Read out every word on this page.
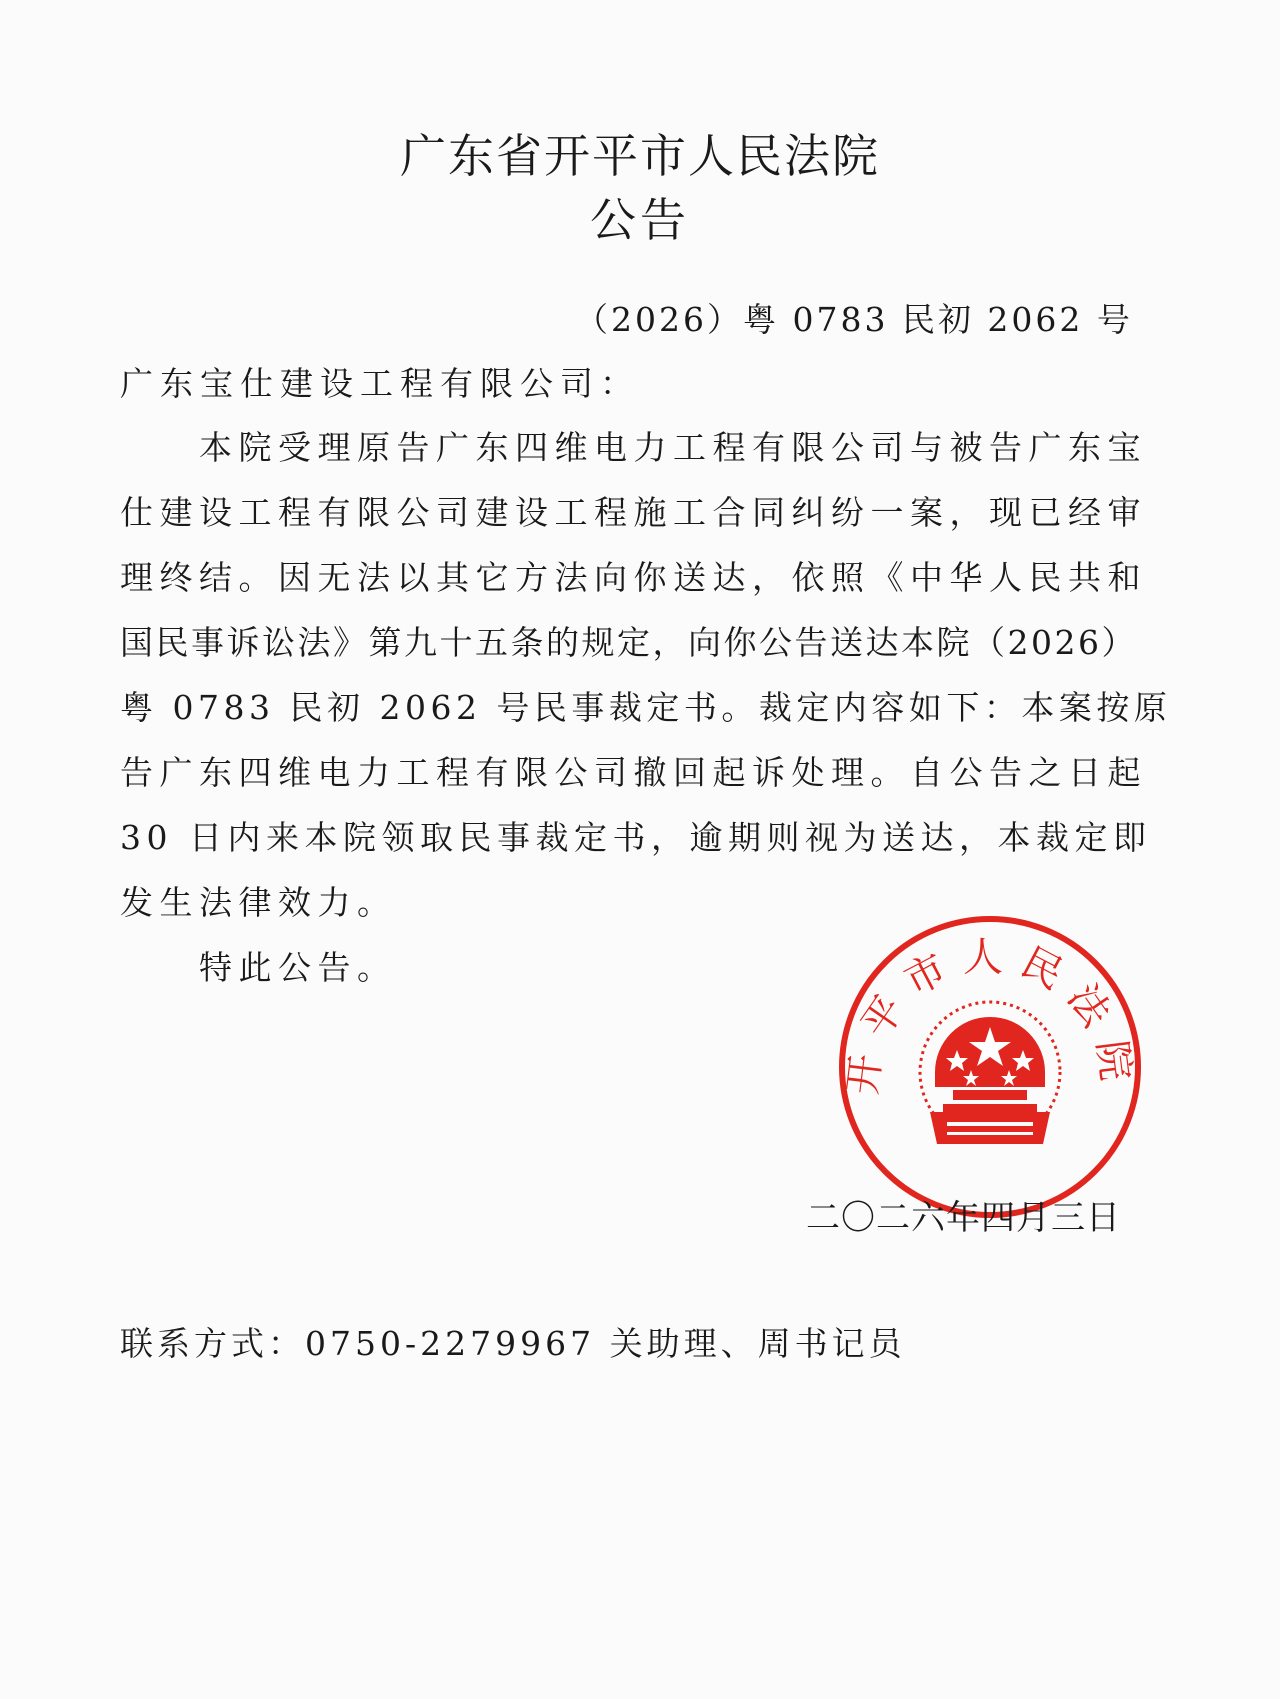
广东省开平市人民法院
公告
（2026）粤 0783 民初 2062 号
广东宝仕建设工程有限公司：
　　本院受理原告广东四维电力工程有限公司与被告广东宝
仕建设工程有限公司建设工程施工合同纠纷一案，现已经审
理终结。因无法以其它方法向你送达，依照《中华人民共和
国民事诉讼法》第九十五条的规定，向你公告送达本院（2026）
粤 0783 民初 2062 号民事裁定书。裁定内容如下：本案按原
告广东四维电力工程有限公司撤回起诉处理。自公告之日起
30 日内来本院领取民事裁定书，逾期则视为送达，本裁定即
发生法律效力。
　　特此公告。
开平市人民法院
二〇二六年四月三日
联系方式：0750-2279967 关助理、周书记员
